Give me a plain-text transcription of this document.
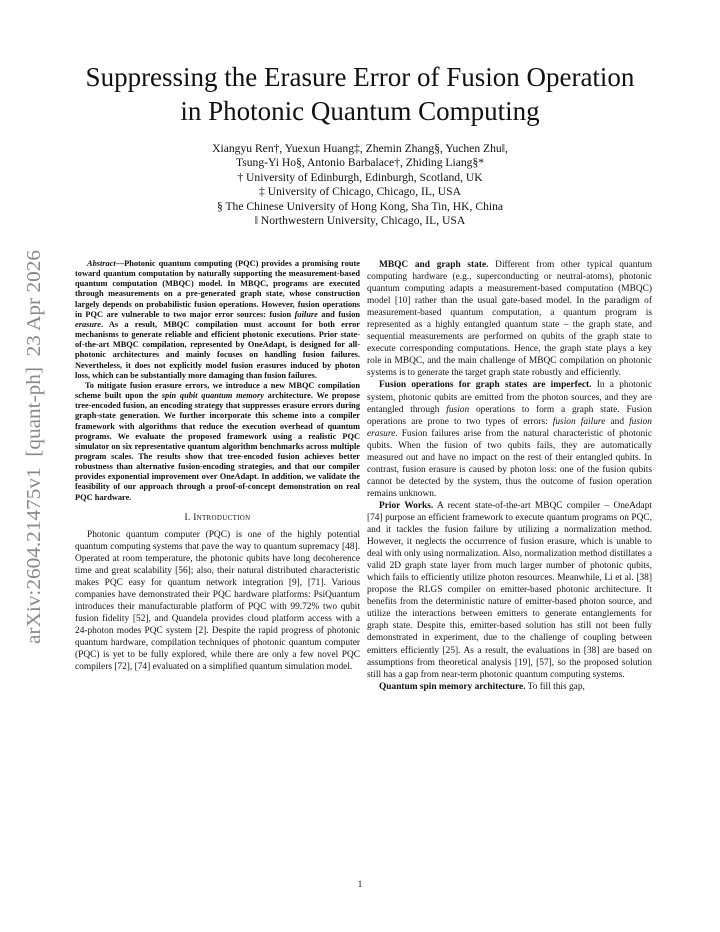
arXiv:2604.21475v1  [quant-ph]  23 Apr 2026
Suppressing the Erasure Error of Fusion Operation
in Photonic Quantum Computing
Xiangyu Ren†, Yuexun Huang‡, Zhemin Zhang§, Yuchen Zhu‖,
Tsung-Yi Ho§, Antonio Barbalace†, Zhiding Liang§*
† University of Edinburgh, Edinburgh, Scotland, UK
‡ University of Chicago, Chicago, IL, USA
§ The Chinese University of Hong Kong, Sha Tin, HK, China
‖ Northwestern University, Chicago, IL, USA

Abstract—Photonic quantum computing (PQC) provides a promising route toward quantum computation by naturally supporting the measurement-based quantum computation (MBQC) model. In MBQC, programs are executed through measurements on a pre-generated graph state, whose construction largely depends on probabilistic fusion operations. However, fusion operations in PQC are vulnerable to two major error sources: fusion failure and fusion erasure. As a result, MBQC compilation must account for both error mechanisms to generate reliable and efficient photonic executions. Prior state-of-the-art MBQC compilation, represented by OneAdapt, is designed for all-photonic architectures and mainly focuses on handling fusion failures. Nevertheless, it does not explicitly model fusion erasures induced by photon loss, which can be substantially more damaging than fusion failures.

To mitigate fusion erasure errors, we introduce a new MBQC compilation scheme built upon the spin qubit quantum memory architecture. We propose tree-encoded fusion, an encoding strategy that suppresses erasure errors during graph-state generation. We further incorporate this scheme into a compiler framework with algorithms that reduce the execution overhead of quantum programs. We evaluate the proposed framework using a realistic PQC simulator on six representative quantum algorithm benchmarks across multiple program scales. The results show that tree-encoded fusion achieves better robustness than alternative fusion-encoding strategies, and that our compiler provides exponential improvement over OneAdapt. In addition, we validate the feasibility of our approach through a proof-of-concept demonstration on real PQC hardware.

I. Introduction

Photonic quantum computer (PQC) is one of the highly potential quantum computing systems that pave the way to quantum supremacy [48]. Operated at room temperature, the photonic qubits have long decoherence time and great scalability [56]; also, their natural distributed characteristic makes PQC easy for quantum network integration [9], [71]. Various companies have demonstrated their PQC hardware platforms: PsiQuantum introduces their manufacturable platform of PQC with 99.72% two qubit fusion fidelity [52], and Quandela provides cloud platform access with a 24-photon modes PQC system [2]. Despite the rapid progress of photonic quantum hardware, compilation techniques of photonic quantum computer (PQC) is yet to be fully explored, while there are only a few novel PQC compilers [72], [74] evaluated on a simplified quantum simulation model.

MBQC and graph state. Different from other typical quantum computing hardware (e.g., superconducting or neutral-atoms), photonic quantum computing adapts a measurement-based computation (MBQC) model [10] rather than the usual gate-based model. In the paradigm of measurement-based quantum computation, a quantum program is represented as a highly entangled quantum state – the graph state, and sequential measurements are performed on qubits of the graph state to execute corresponding computations. Hence, the graph state plays a key role in MBQC, and the main challenge of MBQC compilation on photonic systems is to generate the target graph state robustly and efficiently.

Fusion operations for graph states are imperfect. In a photonic system, photonic qubits are emitted from the photon sources, and they are entangled through fusion operations to form a graph state. Fusion operations are prone to two types of errors: fusion failure and fusion erasure. Fusion failures arise from the natural characteristic of photonic qubits. When the fusion of two qubits fails, they are automatically measured out and have no impact on the rest of their entangled qubits. In contrast, fusion erasure is caused by photon loss: one of the fusion qubits cannot be detected by the system, thus the outcome of fusion operation remains unknown.

Prior Works. A recent state-of-the-art MBQC compiler – OneAdapt [74] purpose an efficient framework to execute quantum programs on PQC, and it tackles the fusion failure by utilizing a normalization method. However, it neglects the occurrence of fusion erasure, which is unable to deal with only using normalization. Also, normalization method distillates a valid 2D graph state layer from much larger number of photonic qubits, which fails to efficiently utilize photon resources. Meanwhile, Li et al. [38] propose the RLGS compiler on emitter-based photonic architecture. It benefits from the deterministic nature of emitter-based photon source, and utilize the interactions between emitters to generate entanglements for graph state. Despite this, emitter-based solution has still not been fully demonstrated in experiment, due to the challenge of coupling between emitters efficiently [25]. As a result, the evaluations in [38] are based on assumptions from theoretical analysis [19], [57], so the proposed solution still has a gap from near-term photonic quantum computing systems.

Quantum spin memory architecture. To fill this gap,

1
